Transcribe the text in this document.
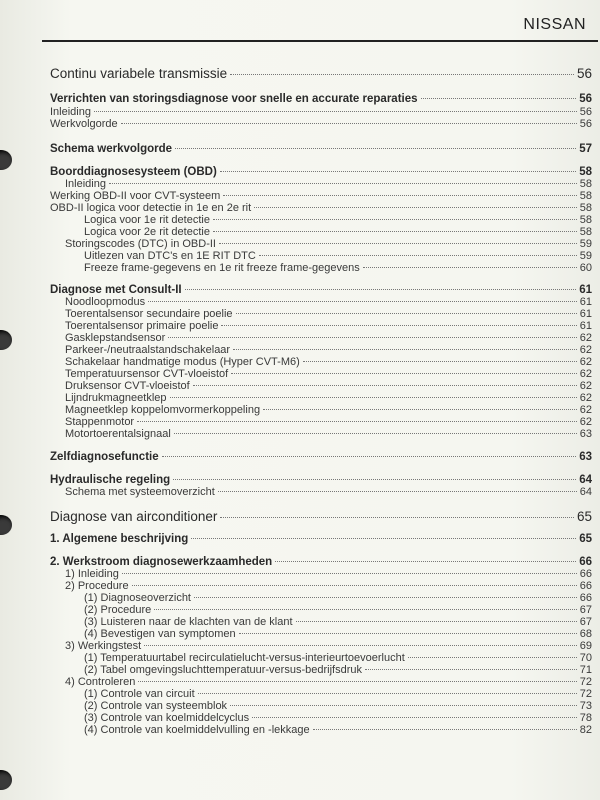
NISSAN
Continu variabele transmissie	56
Verrichten van storingsdiagnose voor snelle en accurate reparaties	56
Inleiding	56
Werkvolgorde	56
Schema werkvolgorde	57
Boorddiagnosesysteem (OBD)	58
Inleiding	58
Werking OBD-II voor CVT-systeem	58
OBD-II logica voor detectie in 1e en 2e rit	58
Logica voor 1e rit detectie	58
Logica voor 2e rit detectie	58
Storingscodes (DTC) in OBD-II	59
Uitlezen van DTC's en 1E RIT DTC	59
Freeze frame-gegevens en 1e rit freeze frame-gegevens	60
Diagnose met Consult-II	61
Noodloopmodus	61
Toerentalsensor secundaire poelie	61
Toerentalsensor primaire poelie	61
Gasklepstandsensor	62
Parkeer-/neutraalstandschakelaar	62
Schakelaar handmatige modus (Hyper CVT-M6)	62
Temperatuursensor CVT-vloeistof	62
Druksensor CVT-vloeistof	62
Lijndrukmagneetklep	62
Magneetklep koppelomvormerkoppeling	62
Stappenmotor	62
Motortoerentalsignaal	63
Zelfdiagnosefunctie	63
Hydraulische regeling	64
Schema met systeemoverzicht	64
Diagnose van airconditioner	65
1. Algemene beschrijving	65
2. Werkstroom diagnosewerkzaamheden	66
1) Inleiding	66
2) Procedure	66
(1) Diagnoseoverzicht	66
(2) Procedure	67
(3) Luisteren naar de klachten van de klant	67
(4) Bevestigen van symptomen	68
3) Werkingstest	69
(1) Temperatuurtabel recirculatielucht-versus-interieurtoevoerlucht	70
(2) Tabel omgevingsluchttemperatuur-versus-bedrijfsdruk	71
4) Controleren	72
(1) Controle van circuit	72
(2) Controle van systeemblok	73
(3) Controle van koelmiddelcyclus	78
(4) Controle van koelmiddelvulling en -lekkage	82
